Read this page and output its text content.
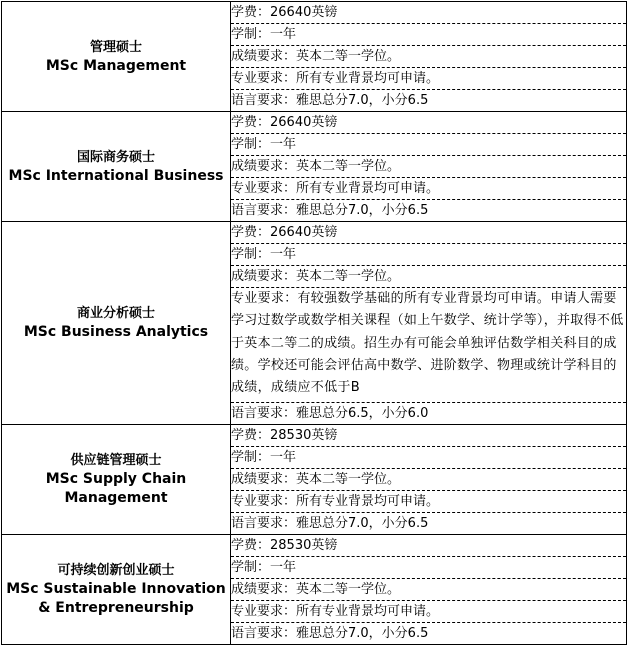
管理硕士
MSc Management	学费：26640英镑
	学制：一年
	成绩要求：英本二等一学位。
	专业要求：所有专业背景均可申请。
	语言要求：雅思总分7.0，小分6.5

国际商务硕士
MSc International Business	学费：26640英镑
	学制：一年
	成绩要求：英本二等一学位。
	专业要求：所有专业背景均可申请。
	语言要求：雅思总分7.0，小分6.5

商业分析硕士
MSc Business Analytics	学费：26640英镑
	学制：一年
	成绩要求：英本二等一学位。
	专业要求：有较强数学基础的所有专业背景均可申请。申请人需要学习过数学或数学相关课程（如上午数学、统计学等），并取得不低于英本二等二的成绩。招生办有可能会单独评估数学相关科目的成绩。学校还可能会评估高中数学、进阶数学、物理或统计学科目的成绩，成绩应不低于B
	语言要求：雅思总分6.5，小分6.0

供应链管理硕士
MSc Supply Chain Management	学费：28530英镑
	学制：一年
	成绩要求：英本二等一学位。
	专业要求：所有专业背景均可申请。
	语言要求：雅思总分7.0，小分6.5

可持续创新创业硕士
MSc Sustainable Innovation & Entrepreneurship	学费：28530英镑
	学制：一年
	成绩要求：英本二等一学位。
	专业要求：所有专业背景均可申请。
	语言要求：雅思总分7.0，小分6.5
